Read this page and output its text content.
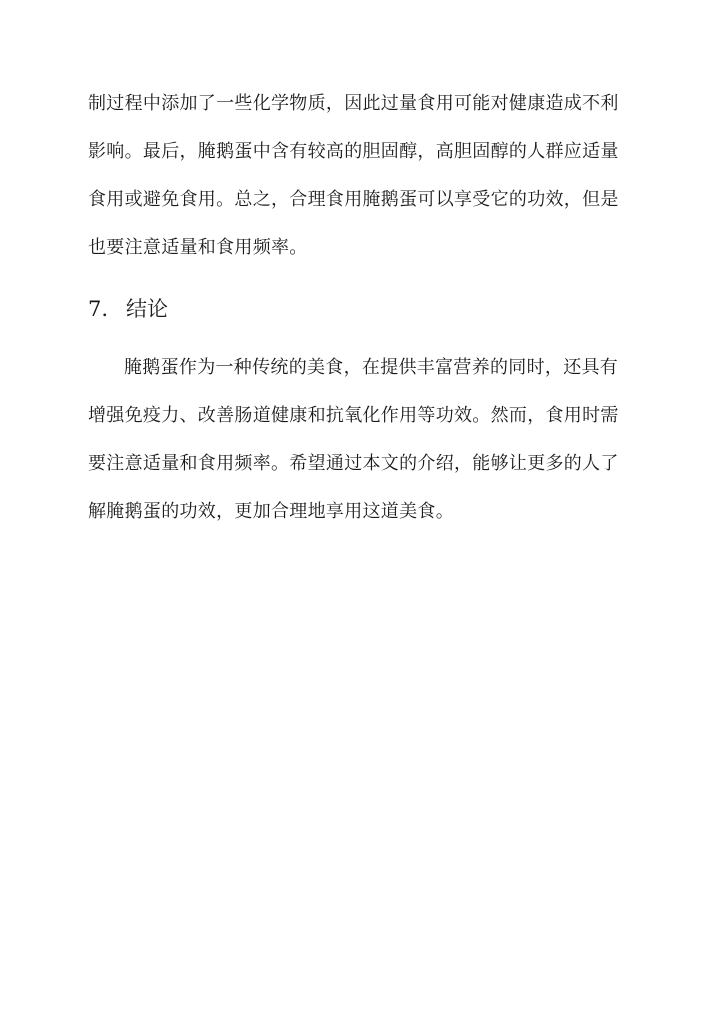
制过程中添加了一些化学物质，因此过量食用可能对健康造成不利
影响。最后，腌鹅蛋中含有较高的胆固醇，高胆固醇的人群应适量
食用或避免食用。总之，合理食用腌鹅蛋可以享受它的功效，但是
也要注意适量和食用频率。
7. 结论
腌鹅蛋作为一种传统的美食，在提供丰富营养的同时，还具有
增强免疫力、改善肠道健康和抗氧化作用等功效。然而，食用时需
要注意适量和食用频率。希望通过本文的介绍，能够让更多的人了
解腌鹅蛋的功效，更加合理地享用这道美食。
